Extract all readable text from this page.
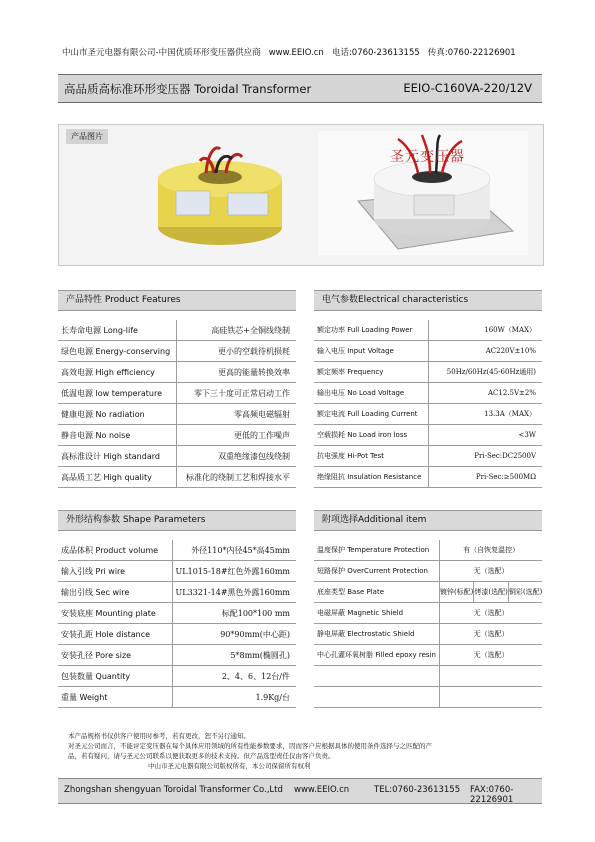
中山市圣元电器有限公司-中国优质环形变压器供应商 www.EEIO.cn 电话:0760-23613155 传真:0760-22126901
高品质高标准环形变压器 Toroidal Transformer	EEIO-C160VA-220/12V
产品图片
圣元变压器
产品特性 Product Features	电气参数Electrical characteristics
长寿命电源 Long-life	高硅铁芯+全铜线绕制
绿色电源 Energy-conserving	更小的空载待机损耗
高效电源 High efficiency	更高的能量转换效率
低温电源 low temperature	零下三十度可正常启动工作
健康电源 No radiation	零高频电磁辐射
静音电源 No noise	更低的工作噪声
高标准设计 High standard	双重绝缘漆包线绕制
高品质工艺 High quality	标准化的绕制工艺和焊接水平
额定功率 Full Loading Power	160W（MAX）
输入电压 Input Voltage	AC220V±10%
额定频率 Frequency	50Hz/60Hz(45-60Hz通用)
输出电压 No Load Voltage	AC12.5V±2%
额定电流 Full Loading Current	13.3A（MAX）
空载损耗 No Load iron loss	<3W
抗电强度 Hi-Pot Test	Pri-Sec:DC2500V
绝缘阻抗 Insulation Resistance	Pri-Sec:≥500MΩ
外形结构参数 Shape Parameters	附项选择Additional item
成品体积 Product volume	外径110*内径45*高45mm
输入引线 Pri wire	UL1015-18#红色外露160mm
输出引线 Sec wire	UL3321-14#黑色外露160mm
安装底座 Mounting plate	标配100*100 mm
安装孔距 Hole distance	90*90mm(中心距)
安装孔径 Pore size	5*8mm(椭圆孔)
包装数量 Quantity	2、4、6、12台/件
重量 Weight	1.9Kg/台
温度保护 Temperature Protection	有（自恢复温控）
短路保护 OverCurrent Protection	无（选配）
底座类型 Base Plate	镀锌(标配) 烤漆(选配) 铜彩(选配)

电磁屏蔽 Magnetic Shield	无（选配）
静电屏蔽 Electrostatic Shield	无（选配）
中心孔灌环氧树脂 Filled epoxy resin	无（选配）

本产品规格书仅供客户使用时参考，若有更改，恕不另行通知。
对圣元公司而言，不能评定变压器在每个具体应用领域的所有性能参数要求，因而客户应根据具体的使用条件选择与之匹配的产
品，若有疑问，请与圣元公司联系以便获取更多的技术支持。但产品选型责任仅由客户负责。
中山市圣元电器有限公司版权所有，本公司保留所有权利
Zhongshan shengyuan Toroidal Transformer Co.,Ltd www.EEIO.cn	TEL:0760-23613155 FAX:0760-22126901
